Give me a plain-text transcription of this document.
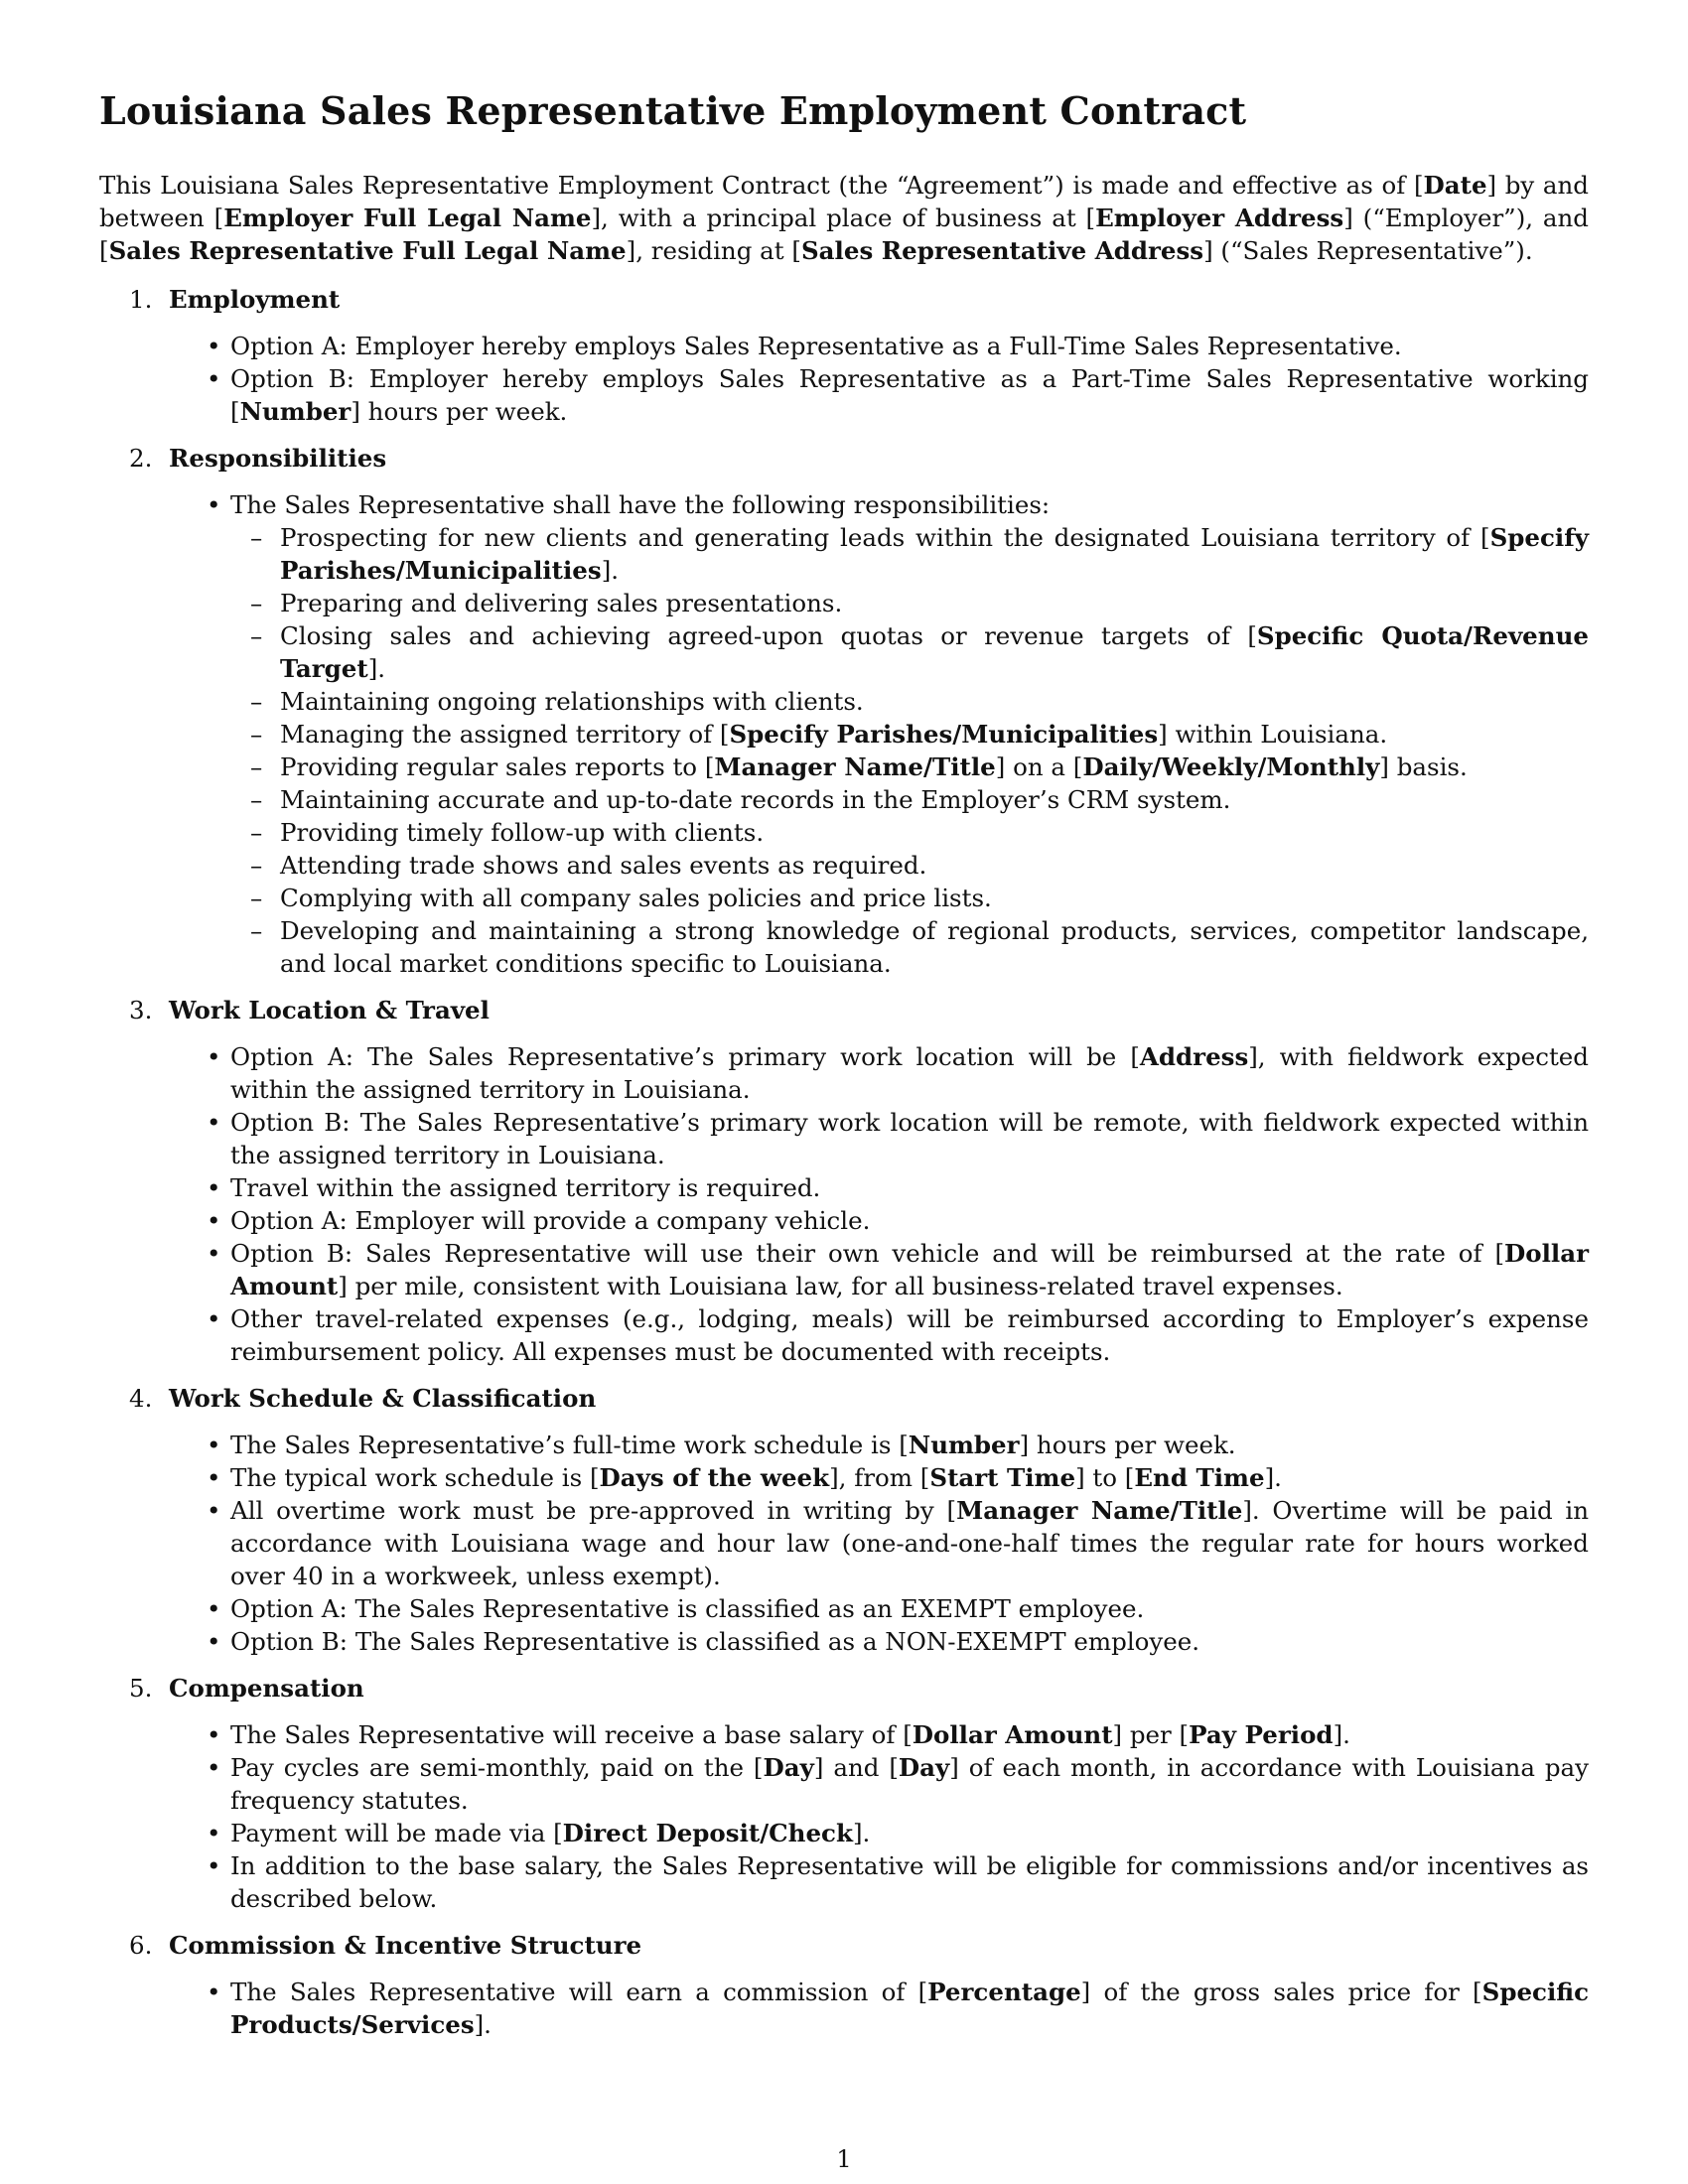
Louisiana Sales Representative Employment Contract

This Louisiana Sales Representative Employment Contract (the “Agreement”) is made and effective as of [Date] by and between [Employer Full Legal Name], with a principal place of business at [Employer Address] (“Employer”), and [Sales Representative Full Legal Name], residing at [Sales Representative Address] (“Sales Representative”).

1. Employment
• Option A: Employer hereby employs Sales Representative as a Full-Time Sales Representative.
• Option B: Employer hereby employs Sales Representative as a Part-Time Sales Representative working [Number] hours per week.
2. Responsibilities
• The Sales Representative shall have the following responsibilities:
– Prospecting for new clients and generating leads within the designated Louisiana territory of [Specify Parishes/Municipalities].
– Preparing and delivering sales presentations.
– Closing sales and achieving agreed-upon quotas or revenue targets of [Specific Quota/Revenue Target].
– Maintaining ongoing relationships with clients.
– Managing the assigned territory of [Specify Parishes/Municipalities] within Louisiana.
– Providing regular sales reports to [Manager Name/Title] on a [Daily/Weekly/Monthly] basis.
– Maintaining accurate and up-to-date records in the Employer’s CRM system.
– Providing timely follow-up with clients.
– Attending trade shows and sales events as required.
– Complying with all company sales policies and price lists.
– Developing and maintaining a strong knowledge of regional products, services, competitor landscape, and local market conditions specific to Louisiana.
3. Work Location & Travel
• Option A: The Sales Representative’s primary work location will be [Address], with fieldwork expected within the assigned territory in Louisiana.
• Option B: The Sales Representative’s primary work location will be remote, with fieldwork expected within the assigned territory in Louisiana.
• Travel within the assigned territory is required.
• Option A: Employer will provide a company vehicle.
• Option B: Sales Representative will use their own vehicle and will be reimbursed at the rate of [Dollar Amount] per mile, consistent with Louisiana law, for all business-related travel expenses.
• Other travel-related expenses (e.g., lodging, meals) will be reimbursed according to Employer’s expense reimbursement policy. All expenses must be documented with receipts.
4. Work Schedule & Classification
• The Sales Representative’s full-time work schedule is [Number] hours per week.
• The typical work schedule is [Days of the week], from [Start Time] to [End Time].
• All overtime work must be pre-approved in writing by [Manager Name/Title]. Overtime will be paid in accordance with Louisiana wage and hour law (one-and-one-half times the regular rate for hours worked over 40 in a workweek, unless exempt).
• Option A: The Sales Representative is classified as an EXEMPT employee.
• Option B: The Sales Representative is classified as a NON-EXEMPT employee.
5. Compensation
• The Sales Representative will receive a base salary of [Dollar Amount] per [Pay Period].
• Pay cycles are semi-monthly, paid on the [Day] and [Day] of each month, in accordance with Louisiana pay frequency statutes.
• Payment will be made via [Direct Deposit/Check].
• In addition to the base salary, the Sales Representative will be eligible for commissions and/or incentives as described below.
6. Commission & Incentive Structure
• The Sales Representative will earn a commission of [Percentage] of the gross sales price for [Specific Products/Services].
1
